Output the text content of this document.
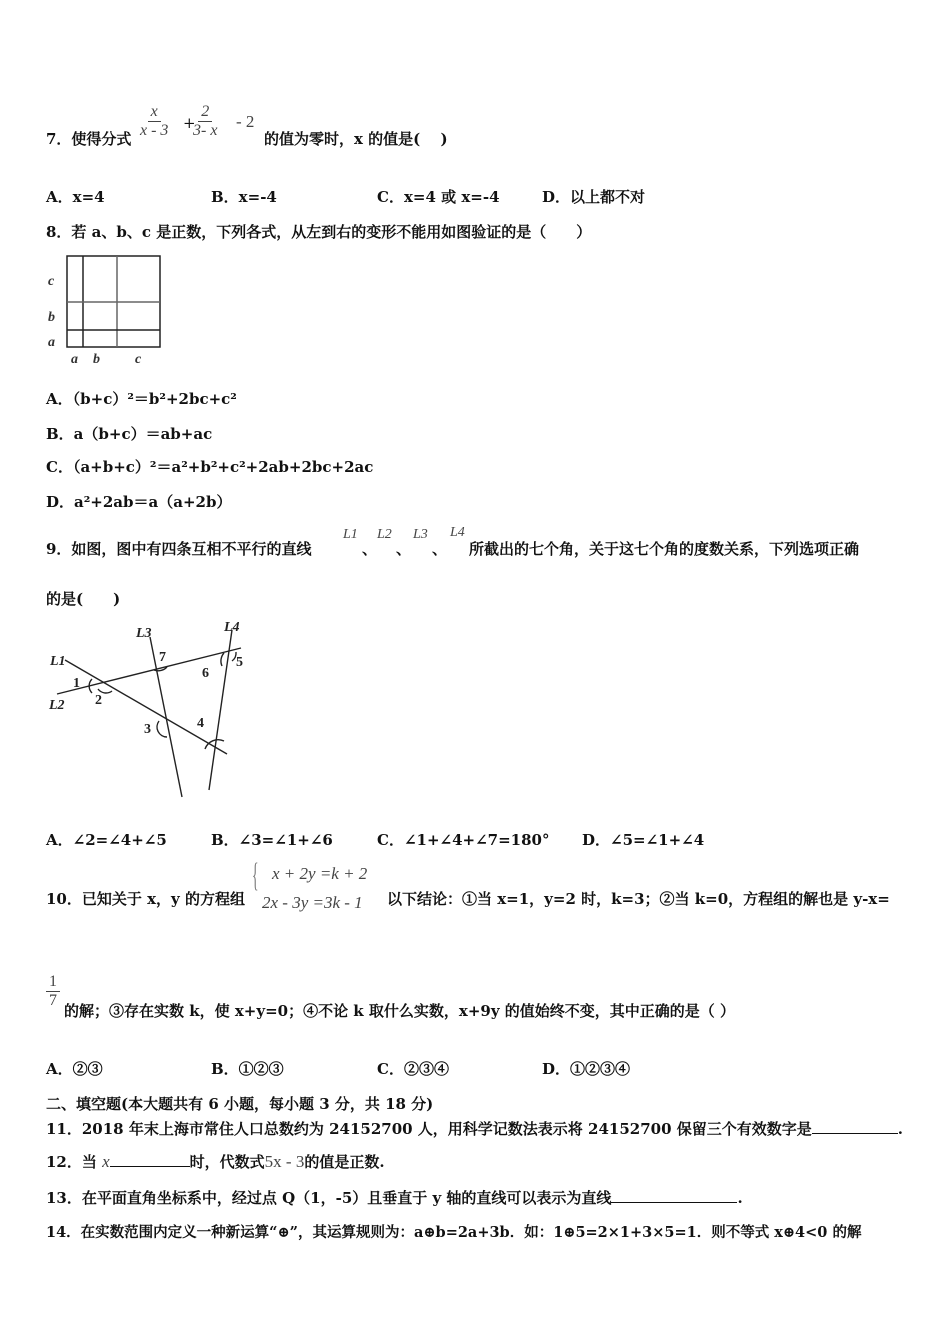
7．使得分式 $\frac{x}{x - 3}$ +
$\frac{2}{3- x} - 2$
的值为零时，x 的值是(　 )
A．x=4	B．x=-4	C．x=4 或 x=-4	D．以上都不对
8．若 a、b、c 是正数，下列各式，从左到右的变形不能用如图验证的是（　　）
c
b
a
a b	c
A．（b+c）²＝b²+2bc+c²
B．a（b+c）＝ab+ac
C．（a+b+c）²＝a²+b²+c²+2ab+2bc+2ac
D．a²+2ab＝a（a+2b）
9．如图，图中有四条互相不平行的直线
L1
、
L2
、
L3
、
L4
所截出的七个角，关于这七个角的度数关系，下列选项正确
的是(　　)
L1
L2
L3	L4
1
2
3	4
5
6
7
A．∠2=∠4+∠5	B．∠3=∠1+∠6	C．∠1+∠4+∠7=180° D．∠5=∠1+∠4
10．已知关于 x，y 的方程组
{ x + 2y =k + 2
2x - 3y =3k - 1 以下结论：①当 x=1，y=2 时，k=3；②当 k=0，方程组的解也是 y-x=
$\frac{1}{7}$
的解；③存在实数 k，使 x+y=0；④不论 k 取什么实数，x+9y 的值始终不变，其中正确的是（ ）
A．②③	B．①②③	C．②③④	D．①②③④
二、填空题(本大题共有 6 小题，每小题 3 分，共 18 分)
11．2018 年末上海市常住人口总数约为 24152700 人，用科学记数法表示将 24152700 保留三个有效数字是	.
12．当 x	时，代数式5x - 3的值是正数.
13．在平面直角坐标系中，经过点 Q（1，-5）且垂直于 y 轴的直线可以表示为直线	.
14．在实数范围内定义一种新运算“⊕”，其运算规则为：a⊕b=2a+3b．如：1⊕5=2×1+3×5=1．则不等式 x⊕4<0 的解
